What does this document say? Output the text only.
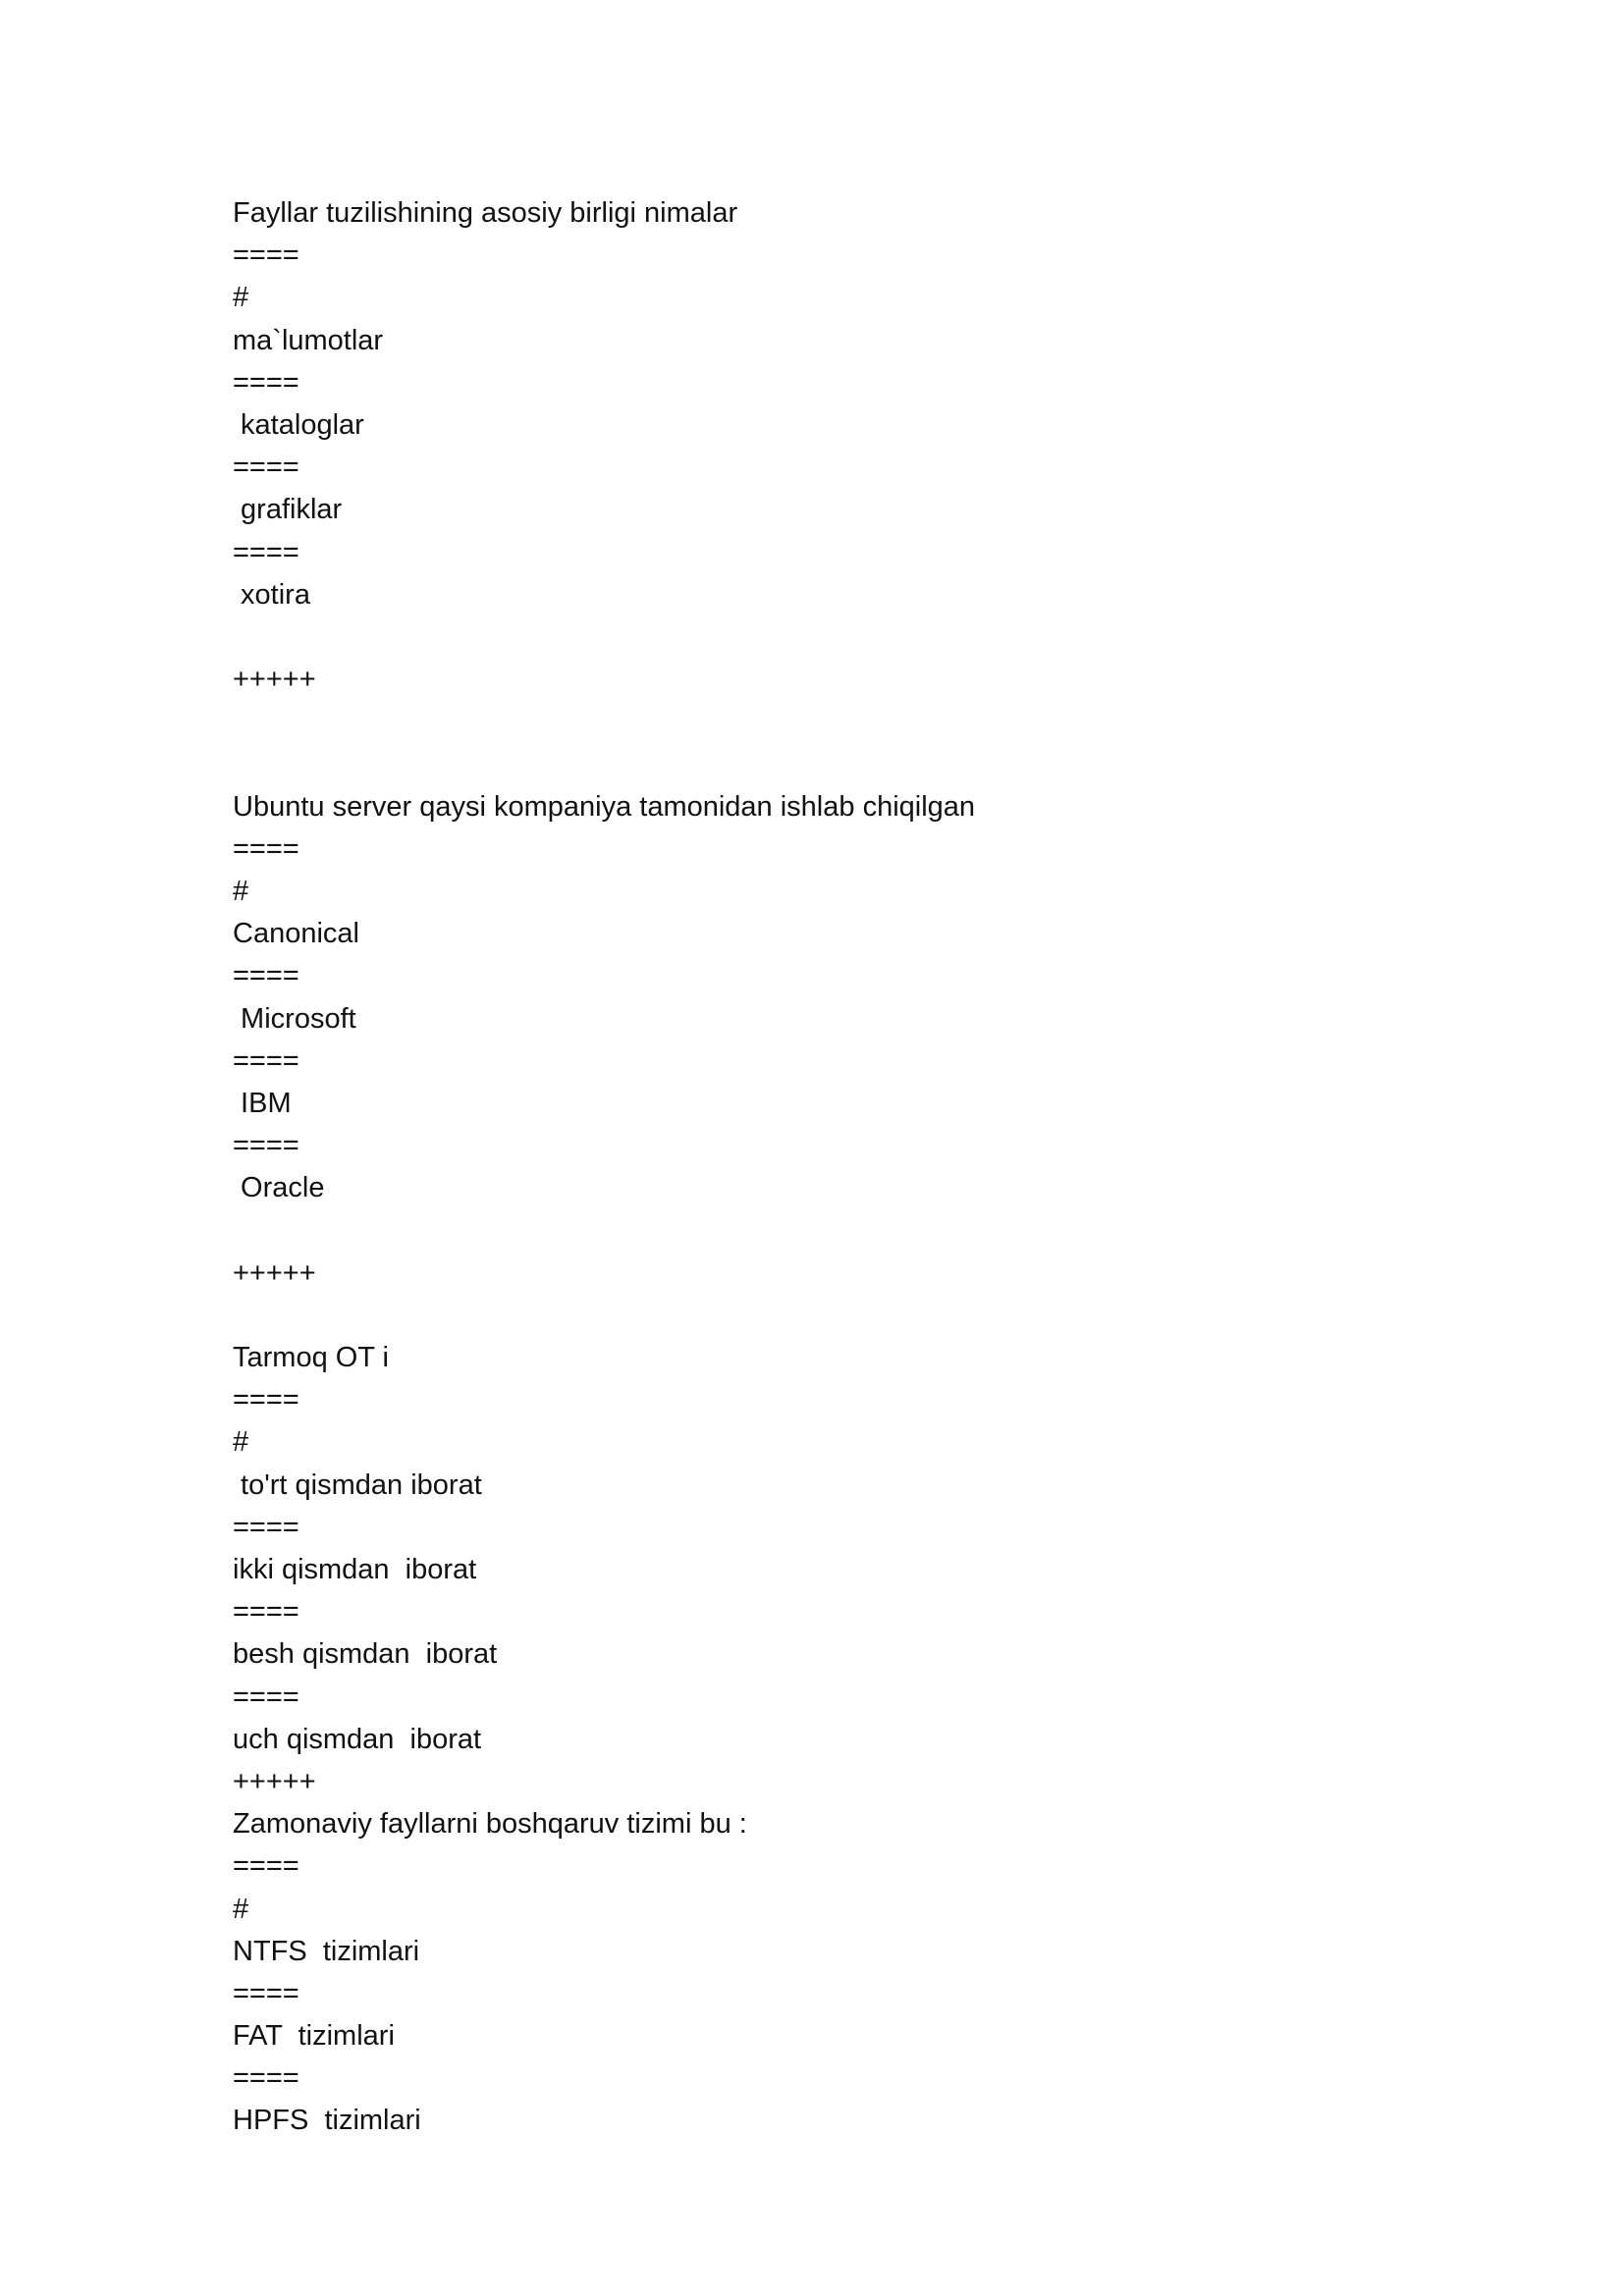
Fayllar tuzilishining asosiy birligi nimalar

====

#

ma`lumotlar

====

kataloglar

====

grafiklar

====

xotira

+++++

Ubuntu server qaysi kompaniya tamonidan ishlab chiqilgan

====

#

Canonical

====

Microsoft

====

IBM

====

Oracle

+++++

Tarmoq OT i

====

#

to'rt qismdan iborat

====

ikki qismdan  iborat

====

besh qismdan  iborat

====

uch qismdan  iborat

+++++

Zamonaviy fayllarni boshqaruv tizimi bu :

====

#

NTFS  tizimlari

====

FAT  tizimlari

====

HPFS  tizimlari
